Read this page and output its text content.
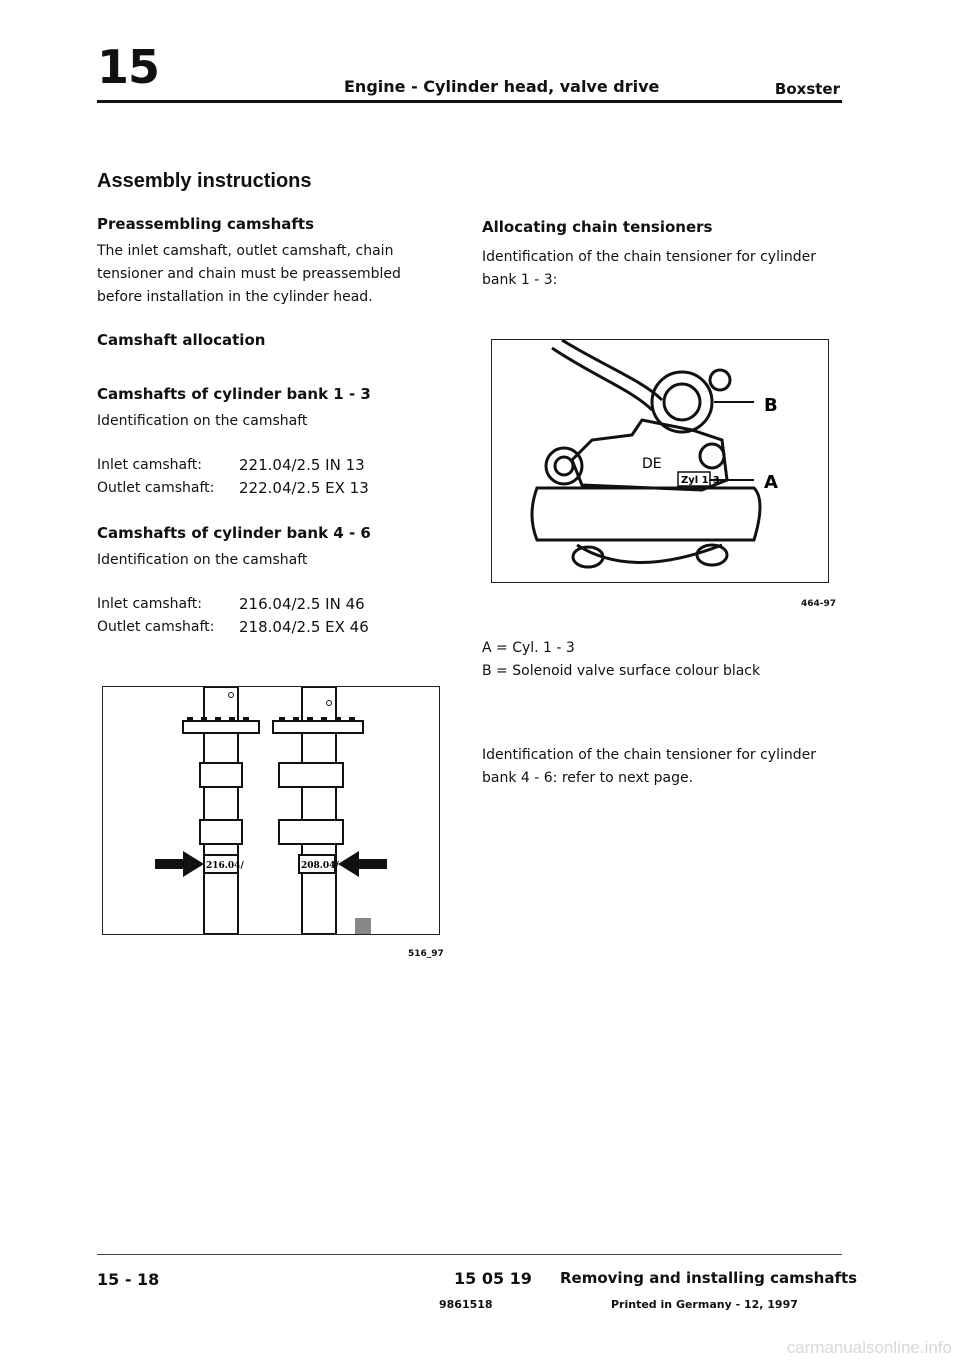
15	Engine - Cylinder head, valve drive	Boxster
Assembly instructions
Preassembling camshafts
The inlet camshaft, outlet camshaft, chain
tensioner and chain must be preassembled
before installation in the cylinder head.
Camshaft allocation
Camshafts of cylinder bank 1 - 3
Identification on the camshaft
Inlet camshaft: 221.04/2.5 IN 13
Outlet camshaft: 222.04/2.5 EX 13
Camshafts of cylinder bank 4 - 6
Identification on the camshaft
Inlet camshaft: 216.04/2.5 IN 46
Outlet camshaft: 218.04/2.5 EX 46
216.04/	208.04/
516_97
Allocating chain tensioners
Identification of the chain tensioner for cylinder
bank 1 - 3:
Zyl 1-3
DE
B
A
464-97
A = Cyl. 1 - 3
B = Solenoid valve surface colour black
Identification of the chain tensioner for cylinder
bank 4 - 6: refer to next page.
15 - 18	15 05 19 Removing and installing camshafts
9861518	Printed in Germany - 12, 1997
carmanualsonline.info
